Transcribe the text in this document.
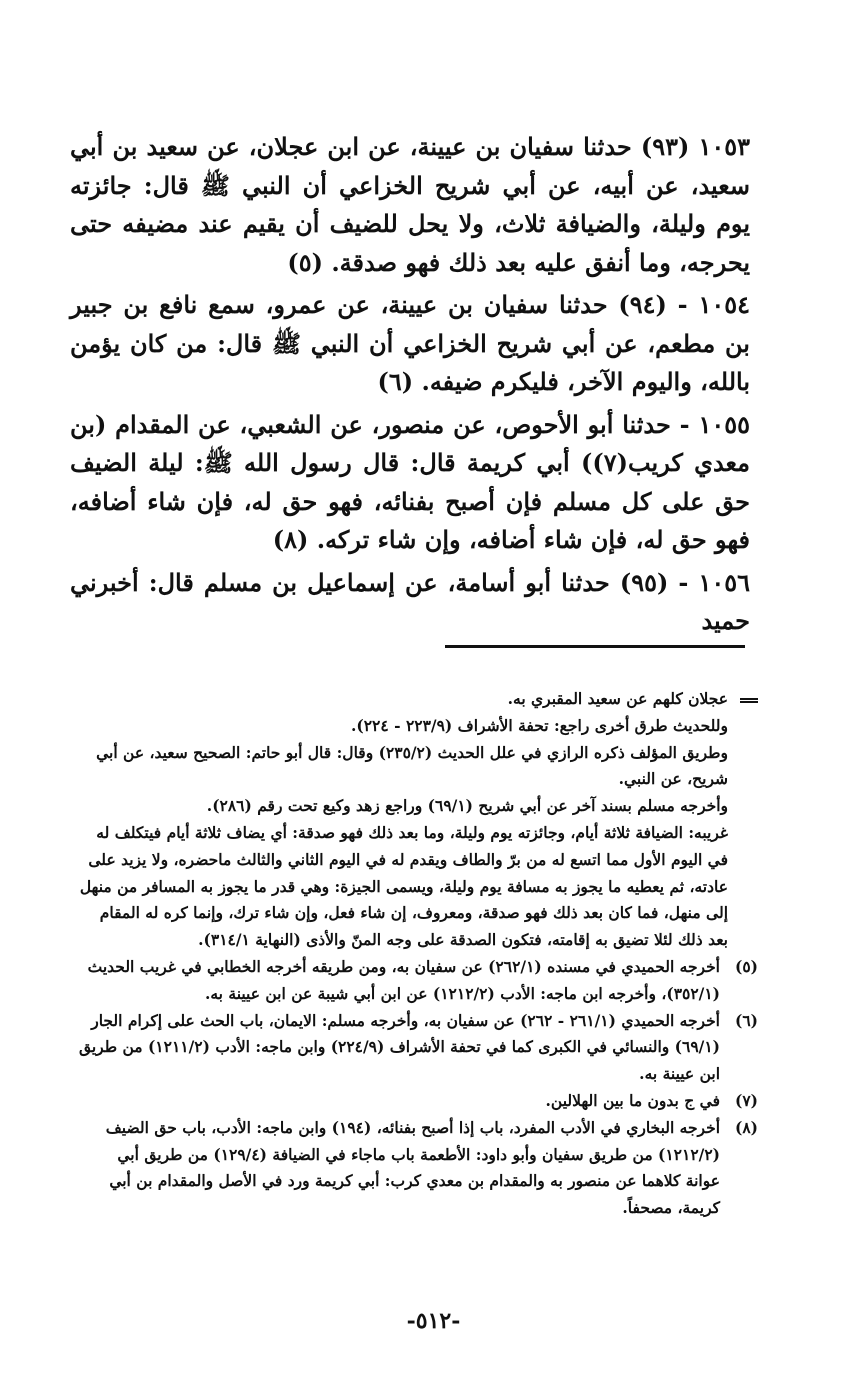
١٠٥٣ (٩٣) حدثنا سفيان بن عيينة، عن ابن عجلان، عن سعيد بن أبي سعيد، عن أبيه، عن أبي شريح الخزاعي أن النبي ﷺ قال: جائزته يوم وليلة، والضيافة ثلاث، ولا يحل للضيف أن يقيم عند مضيفه حتى يحرجه، وما أنفق عليه بعد ذلك فهو صدقة. (٥)

١٠٥٤ - (٩٤) حدثنا سفيان بن عيينة، عن عمرو، سمع نافع بن جبير بن مطعم، عن أبي شريح الخزاعي أن النبي ﷺ قال: من كان يؤمن بالله، واليوم الآخر، فليكرم ضيفه. (٦)

١٠٥٥ - حدثنا أبو الأحوص، عن منصور، عن الشعبي، عن المقدام (بن معدي كريب(٧)) أبي كريمة قال: قال رسول الله ﷺ: ليلة الضيف حق على كل مسلم فإن أصبح بفنائه، فهو حق له، فإن شاء أضافه، فهو حق له، فإن شاء أضافه، وإن شاء تركه. (٨)

١٠٥٦ - (٩٥) حدثنا أبو أسامة، عن إسماعيل بن مسلم قال: أخبرني حميد

عجلان كلهم عن سعيد المقبري به.

وللحديث طرق أخرى راجع: تحفة الأشراف (٢٢٣/٩ - ٢٢٤).

وطريق المؤلف ذكره الرازي في علل الحديث (٢٣٥/٢) وقال: قال أبو حاتم: الصحيح سعيد، عن أبي شريح، عن النبي.

وأخرجه مسلم بسند آخر عن أبي شريح (٦٩/١) وراجع زهد وكيع تحت رقم (٢٨٦).

غريبه: الضيافة ثلاثة أيام، وجائزته يوم وليلة، وما بعد ذلك فهو صدقة: أي يضاف ثلاثة أيام فيتكلف له في اليوم الأول مما اتسع له من برّ والطاف ويقدم له في اليوم الثاني والثالث ماحضره، ولا يزيد على عادته، ثم يعطيه ما يجوز به مسافة يوم وليلة، ويسمى الجيزة: وهي قدر ما يجوز به المسافر من منهل إلى منهل، فما كان بعد ذلك فهو صدقة، ومعروف، إن شاء فعل، وإن شاء ترك، وإنما كره له المقام بعد ذلك لئلا تضيق به إقامته، فتكون الصدقة على وجه المنّ والأذى (النهاية ٣١٤/١).

(٥)

أخرجه الحميدي في مسنده (٢٦٢/١) عن سفيان به، ومن طريقه أخرجه الخطابي في غريب الحديث (٣٥٢/١)، وأخرجه ابن ماجه: الأدب (١٢١٢/٢) عن ابن أبي شيبة عن ابن عيينة به.

(٦)

أخرجه الحميدي (٢٦١/١ - ٢٦٢) عن سفيان به، وأخرجه مسلم: الايمان، باب الحث على إكرام الجار (٦٩/١) والنسائي في الكبرى كما في تحفة الأشراف (٢٢٤/٩) وابن ماجه: الأدب (١٢١١/٢) من طريق ابن عيينة به.

(٧)

في ج بدون ما بين الهلالين.

(٨)

أخرجه البخاري في الأدب المفرد، باب إذا أصبح بفنائه، (١٩٤) وابن ماجه: الأدب، باب حق الضيف (١٢١٢/٢) من طريق سفيان وأبو داود: الأطعمة باب ماجاء في الضيافة (١٢٩/٤) من طريق أبي عوانة كلاهما عن منصور به والمقدام بن معدي كرب: أبي كريمة ورد في الأصل والمقدام بن أبي كريمة، مصحفاً.

-٥١٢-
